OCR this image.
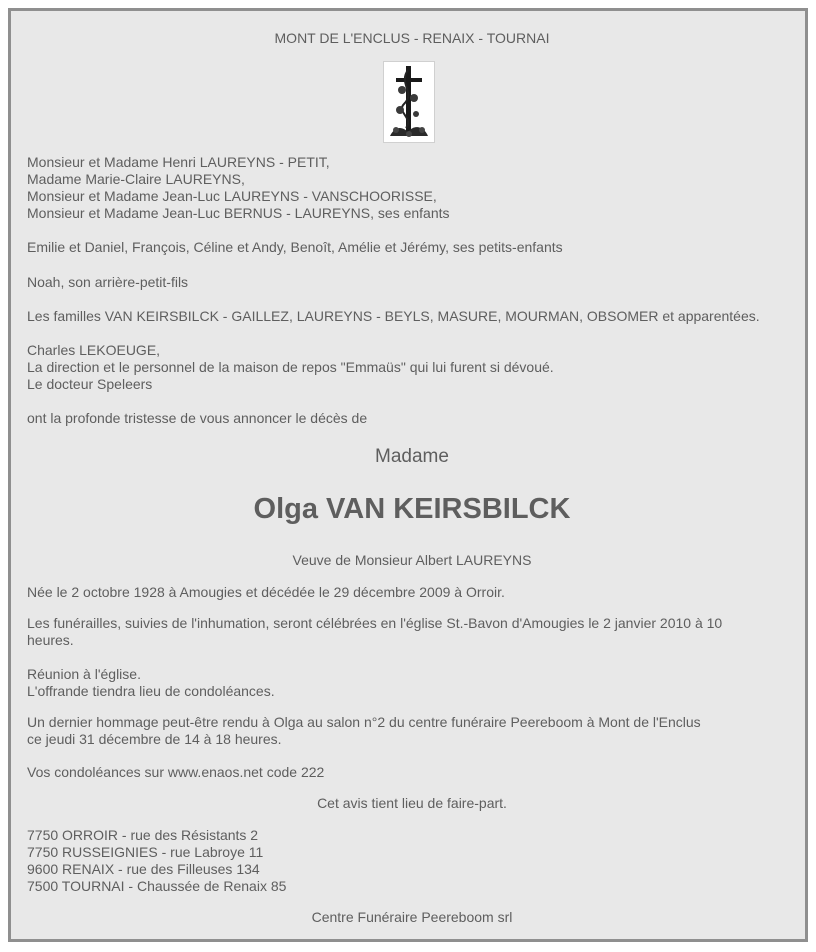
MONT DE L'ENCLUS - RENAIX - TOURNAI
Monsieur et Madame Henri LAUREYNS - PETIT,
Madame Marie-Claire LAUREYNS,
Monsieur et Madame Jean-Luc LAUREYNS - VANSCHOORISSE,
Monsieur et Madame Jean-Luc BERNUS - LAUREYNS, ses enfants
Emilie et Daniel, François, Céline et Andy, Benoît, Amélie et Jérémy, ses petits-enfants
Noah, son arrière-petit-fils
Les familles VAN KEIRSBILCK - GAILLEZ, LAUREYNS - BEYLS, MASURE, MOURMAN, OBSOMER et apparentées.
Charles LEKOEUGE,
La direction et le personnel de la maison de repos "Emmaüs" qui lui furent si dévoué.
Le docteur Speleers
ont la profonde tristesse de vous annoncer le décès de
Madame
Olga VAN KEIRSBILCK
Veuve de Monsieur Albert LAUREYNS
Née le 2 octobre 1928 à Amougies et décédée le 29 décembre 2009 à Orroir.
Les funérailles, suivies de l'inhumation, seront célébrées en l'église St.-Bavon d'Amougies le 2 janvier 2010 à 10
heures.
Réunion à l'église.
L'offrande tiendra lieu de condoléances.
Un dernier hommage peut-être rendu à Olga au salon n°2 du centre funéraire Peereboom à Mont de l'Enclus
ce jeudi 31 décembre de 14 à 18 heures.
Vos condoléances sur www.enaos.net code 222
Cet avis tient lieu de faire-part.
7750 ORROIR - rue des Résistants 2
7750 RUSSEIGNIES - rue Labroye 11
9600 RENAIX - rue des Filleuses 134
7500 TOURNAI - Chaussée de Renaix 85
Centre Funéraire Peereboom srl
